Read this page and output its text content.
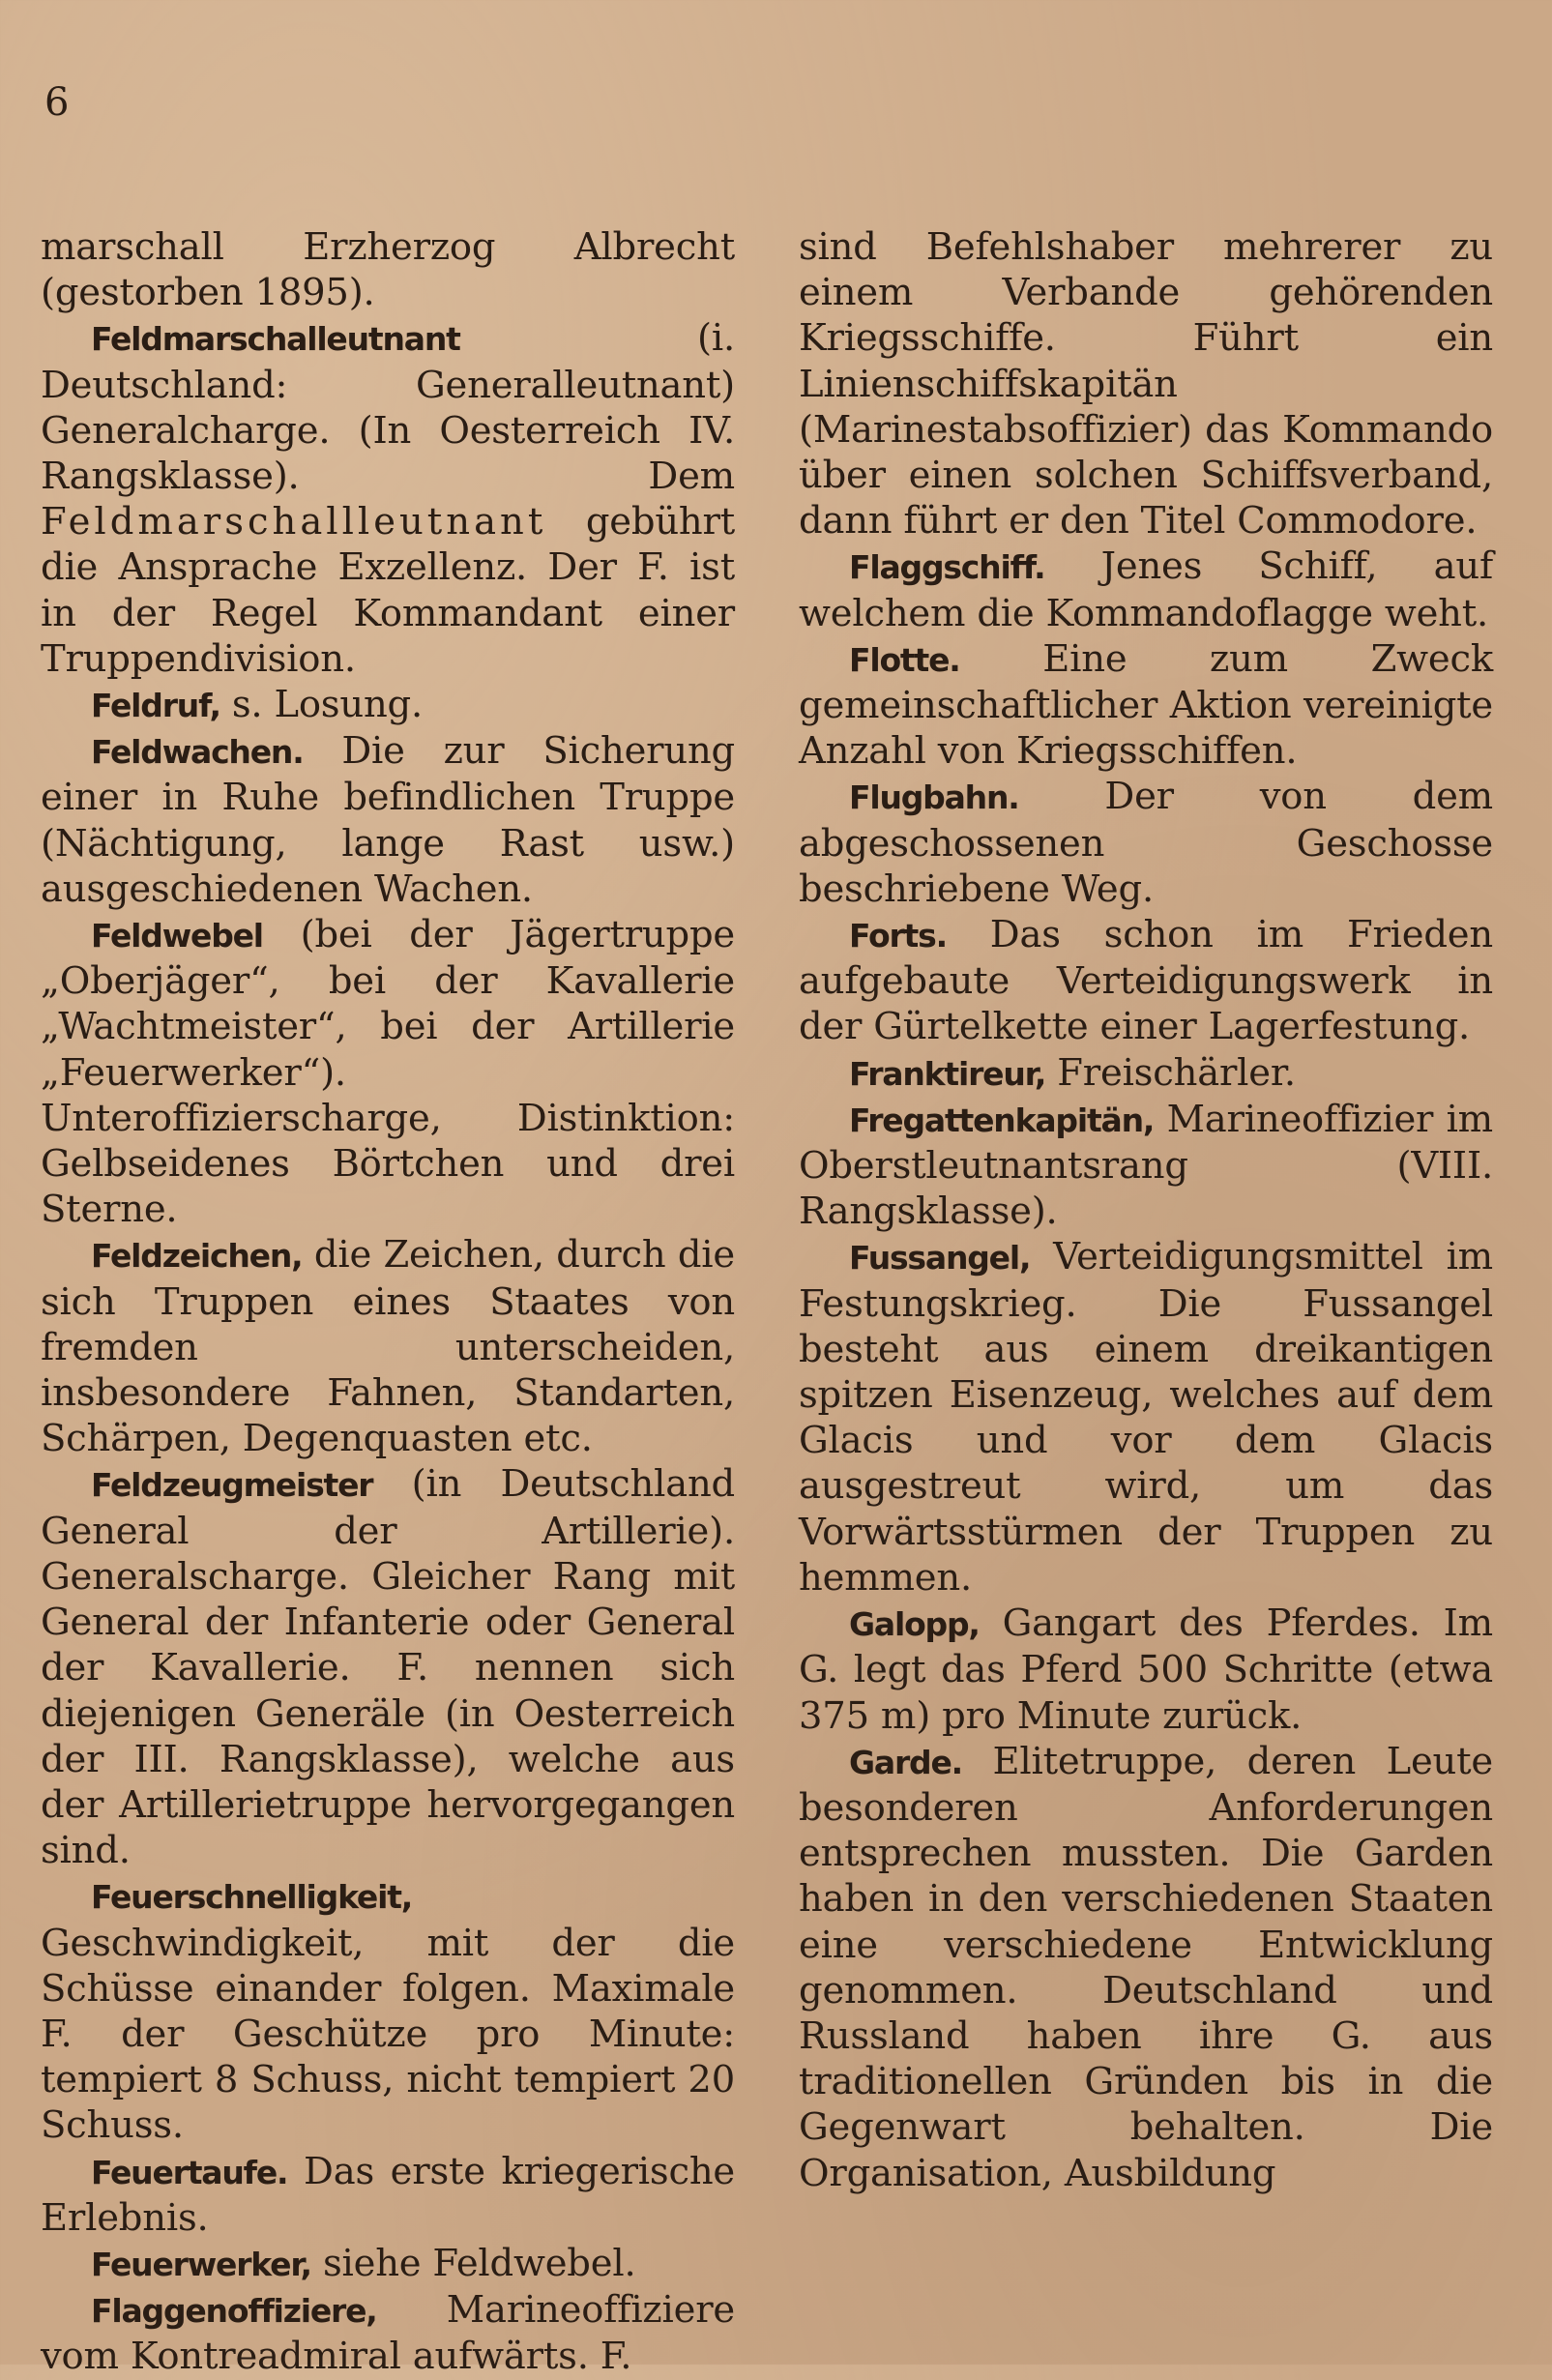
6

marschall Erzherzog Albrecht (gestorben 1895).

Feldmarschalleutnant	(i. Deutschland: Generalleutnant) Generalcharge. (In Oesterreich IV. Rangsklasse). Dem Feldmarschallleutnant gebührt die Ansprache Exzellenz. Der F. ist in der Regel Kommandant einer Truppendivision.

Feldruf, s. Losung.

Feldwachen. Die zur Sicherung einer in Ruhe befindlichen Truppe (Nächtigung, lange Rast usw.) ausgeschiedenen Wachen.

Feldwebel (bei der Jägertruppe „Oberjäger“, bei der Kavallerie „Wachtmeister“, bei der Artillerie „Feuerwerker“). Unteroffizierscharge, Distinktion: Gelbseidenes Börtchen und drei Sterne.

Feldzeichen, die Zeichen, durch die sich Truppen eines Staates von fremden unterscheiden, insbesondere Fahnen, Standarten, Schärpen, Degenquasten etc.

Feldzeugmeister (in Deutschland General der Artillerie). Generalscharge. Gleicher Rang mit General der Infanterie oder General der Kavallerie. F. nennen sich diejenigen Generäle (in Oesterreich der III. Rangsklasse), welche aus der Artillerietruppe hervorgegangen sind.

Feuerschnelligkeit, Geschwindigkeit, mit der die Schüsse einander folgen. Maximale F. der Geschütze pro Minute: tempiert 8 Schuss, nicht tempiert 20 Schuss.

Feuertaufe. Das erste kriegerische Erlebnis.

Feuerwerker, siehe Feldwebel.

Flaggenoffiziere, Marineoffiziere vom Kontreadmiral aufwärts. F.

sind Befehlshaber mehrerer zu einem Verbande gehörenden Kriegsschiffe. Führt ein Linienschiffskapitän (Marinestabsoffizier) das Kommando über einen solchen Schiffsverband, dann führt er den Titel Commodore.

Flaggschiff. Jenes Schiff, auf welchem die Kommandoflagge weht.

Flotte. Eine zum Zweck gemeinschaftlicher Aktion vereinigte Anzahl von Kriegsschiffen.

Flugbahn. Der von dem abgeschossenen Geschosse beschriebene Weg.

Forts. Das schon im Frieden aufgebaute Verteidigungswerk in der Gürtelkette einer Lagerfestung.

Franktireur, Freischärler.

Fregattenkapitän, Marineoffizier im Oberstleutnantsrang (VIII. Rangsklasse).

Fussangel, Verteidigungsmittel im Festungskrieg. Die Fussangel besteht aus einem dreikantigen spitzen Eisenzeug, welches auf dem Glacis und vor dem Glacis ausgestreut wird, um das Vorwärtsstürmen der Truppen zu hemmen.

Galopp, Gangart des Pferdes. Im G. legt das Pferd 500 Schritte (etwa 375 m) pro Minute zurück.

Garde. Elitetruppe, deren Leute besonderen Anforderungen entsprechen mussten. Die Garden haben in den verschiedenen Staaten eine verschiedene Entwicklung genommen. Deutschland und Russland haben ihre G. aus traditionellen Gründen bis in die Gegenwart behalten. Die Organisation, Ausbildung
